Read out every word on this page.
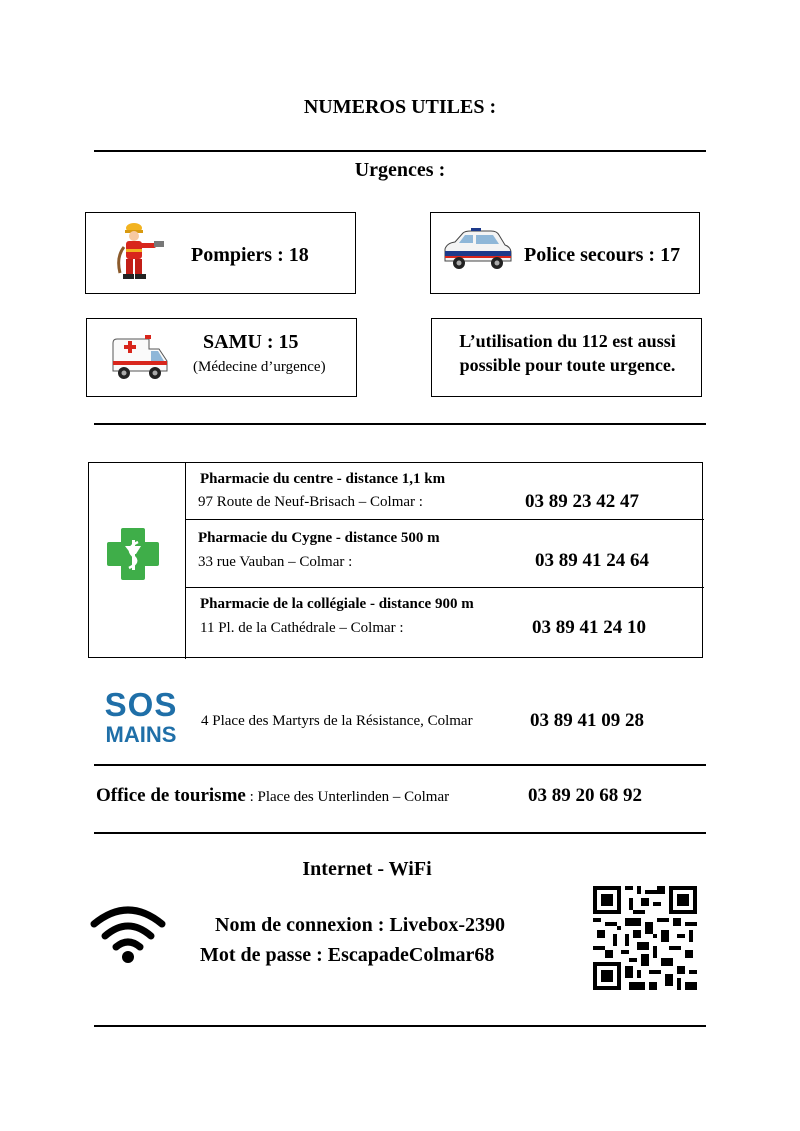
NUMEROS UTILES :
Urgences :
Pompiers : 18	Police secours : 17
SAMU : 15
(Médecine d’urgence)
L’utilisation du 112 est aussi
possible pour toute urgence.
Pharmacie du centre - distance 1,1 km
97 Route de Neuf-Brisach – Colmar :	03 89 23 42 47
Pharmacie du Cygne - distance 500 m
33 rue Vauban – Colmar :	03 89 41 24 64
Pharmacie de la collégiale - distance 900 m
11 Pl. de la Cathédrale – Colmar :	03 89 41 24 10
SOS
MAINS
4 Place des Martyrs de la Résistance, Colmar	03 89 41 09 28
Office de tourisme : Place des Unterlinden – Colmar	03 89 20 68 92
Internet - WiFi
Nom de connexion : Livebox-2390
Mot de passe : EscapadeColmar68
